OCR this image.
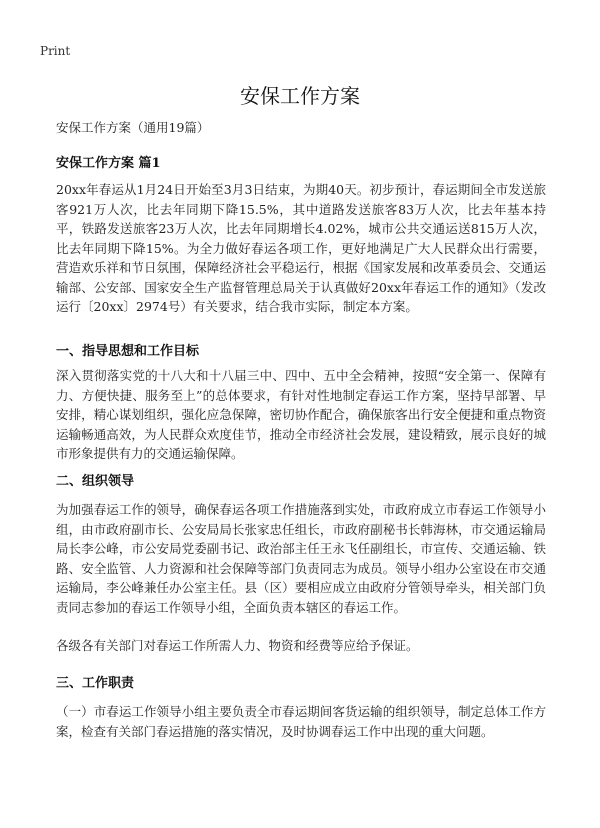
Print
安保工作方案

安保工作方案（通用19篇）

安保工作方案 篇1

20xx年春运从1月24日开始至3月3日结束，为期40天。初步预计，春运期间全市发送旅客921万人次，比去年同期下降15.5%，其中道路发送旅客83万人次，比去年基本持平，铁路发送旅客23万人次，比去年同期增长4.02%，城市公共交通运送815万人次，比去年同期下降15%。为全力做好春运各项工作，更好地满足广大人民群众出行需要，营造欢乐祥和节日氛围，保障经济社会平稳运行，根据《国家发展和改革委员会、交通运输部、公安部、国家安全生产监督管理总局关于认真做好20xx年春运工作的通知》（发改运行〔20xx〕2974号）有关要求，结合我市实际，制定本方案。

一、指导思想和工作目标

深入贯彻落实党的十八大和十八届三中、四中、五中全会精神，按照“安全第一、保障有力、方便快捷、服务至上”的总体要求，有针对性地制定春运工作方案，坚持早部署、早安排，精心谋划组织，强化应急保障，密切协作配合，确保旅客出行安全便捷和重点物资运输畅通高效，为人民群众欢度佳节，推动全市经济社会发展，建设精致，展示良好的城市形象提供有力的交通运输保障。

二、组织领导

为加强春运工作的领导，确保春运各项工作措施落到实处，市政府成立市春运工作领导小组，由市政府副市长、公安局局长张家忠任组长，市政府副秘书长韩海林，市交通运输局局长李公峰，市公安局党委副书记、政治部主任王永飞任副组长，市宣传、交通运输、铁路、安全监管、人力资源和社会保障等部门负责同志为成员。领导小组办公室设在市交通运输局，李公峰兼任办公室主任。县（区）要相应成立由政府分管领导牵头，相关部门负责同志参加的春运工作领导小组，全面负责本辖区的春运工作。

各级各有关部门对春运工作所需人力、物资和经费等应给予保证。

三、工作职责

（一）市春运工作领导小组主要负责全市春运期间客货运输的组织领导，制定总体工作方案，检查有关部门春运措施的落实情况，及时协调春运工作中出现的重大问题。
